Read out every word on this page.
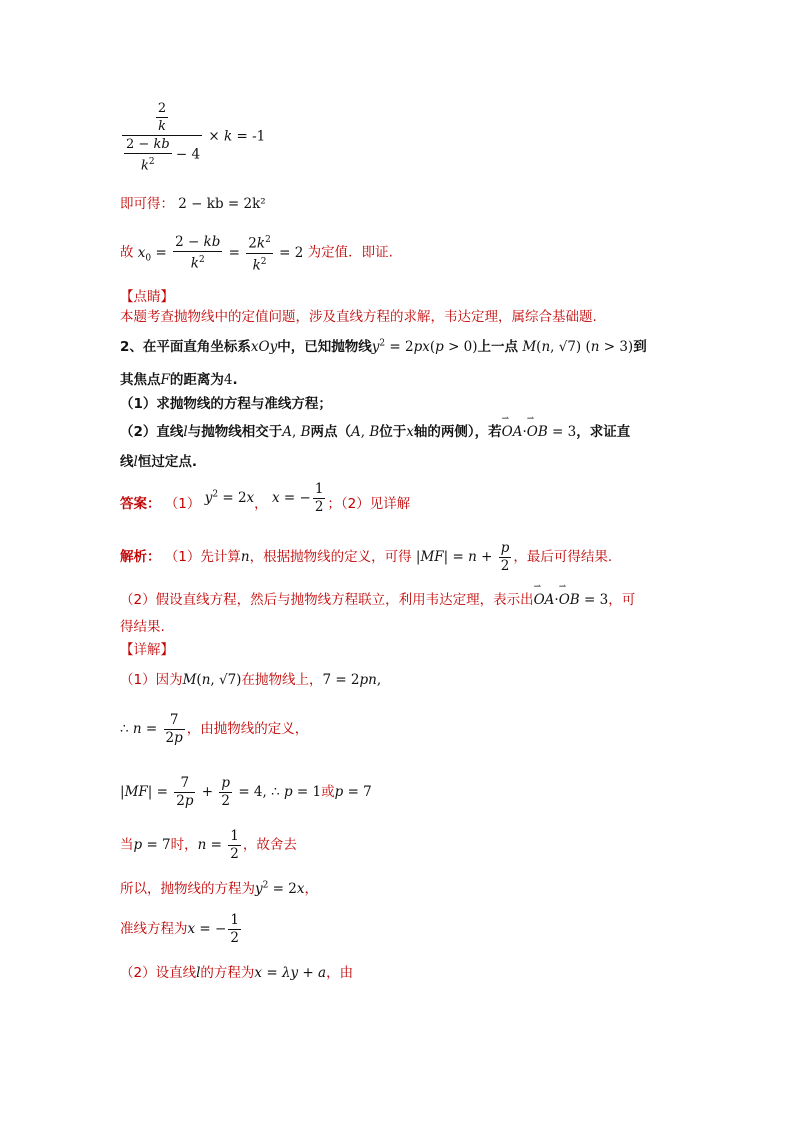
$\frac{\frac{2}{k}}{\frac{2 - kb}{k^2} - 4} \times k = -1$
即可得： 2 − kb = 2k²
故 $x_0 = \frac{2 - kb}{k^2} = \frac{2k^2}{k^2} = 2$ 为定值．即证.
【点睛】
本题考查抛物线中的定值问题，涉及直线方程的求解，韦达定理，属综合基础题.
2、在平面直角坐标系xOy中，已知抛物线$y^2 = 2px(p > 0)$上一点 M(n, √7) (n > 3)到
其焦点F的距离为4.
（1）求抛物线的方程与准线方程；
（2）直线l与抛物线相交于A, B两点（A, B位于x轴的两侧），若⇀ OA·⇀ OB = 3，求证直
线l恒过定点.
答案： （1） $y^2 = 2x$， x = − $\frac{1}{2}$ ；（2）见详解
解析： （1）先计算n，根据抛物线的定义，可得 $|MF| = n + \frac{p}{2}$ ，最后可得结果.
（2）假设直线方程，然后与抛物线方程联立，利用韦达定理，表示出⇀ OA·⇀ OB = 3，可
得结果.
【详解】
（1）因为M(n, √7)在抛物线上，7 = 2pn,
∴ $n = \frac{7}{2p}$ ，由抛物线的定义，
$|MF| = \frac{7}{2p} + \frac{p}{2} = 4$, ∴ p = 1或p = 7
当p = 7时，$n = \frac{1}{2}$ ，故舍去
所以，抛物线的方程为$y^2 = 2x$，
准线方程为x = − $\frac{1}{2}$
（2）设直线l的方程为x = λy + a，由
